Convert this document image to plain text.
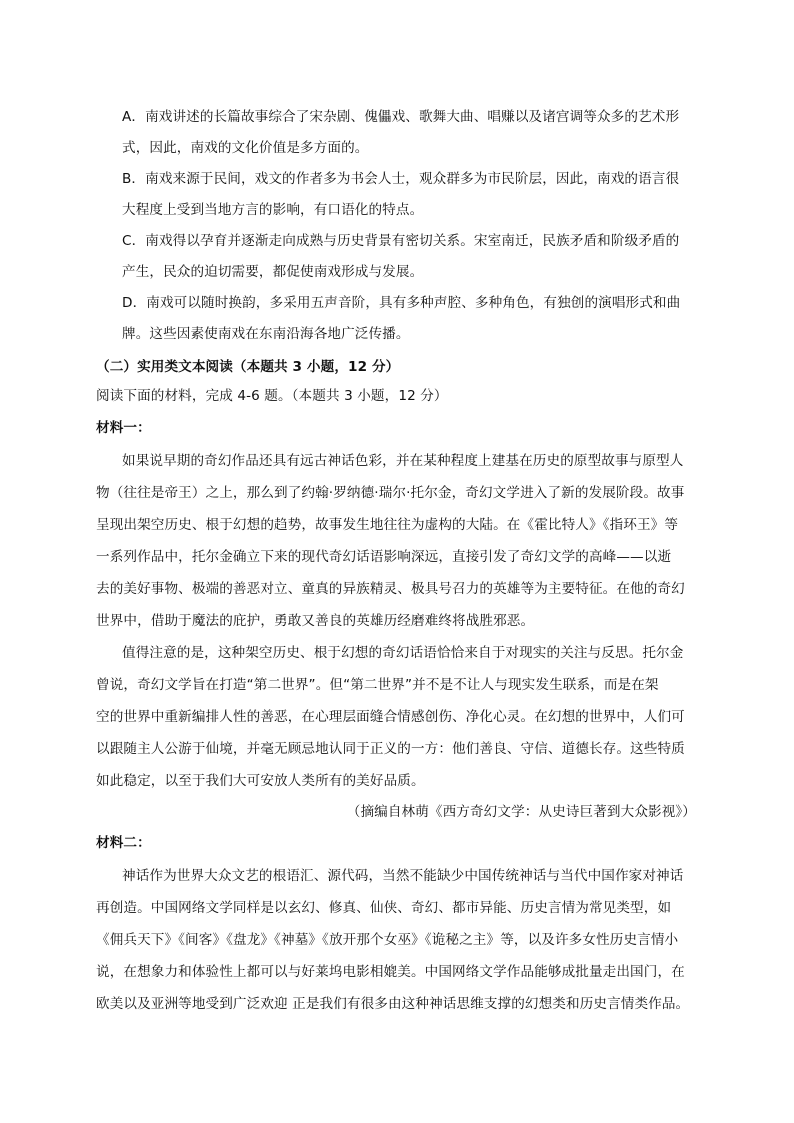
A．南戏讲述的长篇故事综合了宋杂剧、傀儡戏、歌舞大曲、唱赚以及诸宫调等众多的艺术形
式，因此，南戏的文化价值是多方面的。
B．南戏来源于民间，戏文的作者多为书会人士，观众群多为市民阶层，因此，南戏的语言很
大程度上受到当地方言的影响，有口语化的特点。
C．南戏得以孕育并逐渐走向成熟与历史背景有密切关系。宋室南迁，民族矛盾和阶级矛盾的
产生，民众的迫切需要，都促使南戏形成与发展。
D．南戏可以随时换韵，多采用五声音阶，具有多种声腔、多种角色，有独创的演唱形式和曲
牌。这些因素使南戏在东南沿海各地广泛传播。
（二）实用类文本阅读（本题共 3 小题，12 分）
阅读下面的材料，完成 4-6 题。（本题共 3 小题，12 分）
材料一：
如果说早期的奇幻作品还具有远古神话色彩，并在某种程度上建基在历史的原型故事与原型人
物（往往是帝王）之上，那么到了约翰·罗纳德·瑞尔·托尔金，奇幻文学进入了新的发展阶段。故事
呈现出架空历史、根于幻想的趋势，故事发生地往往为虚构的大陆。在《霍比特人》《指环王》等
一系列作品中，托尔金确立下来的现代奇幻话语影响深远，直接引发了奇幻文学的高峰——以逝
去的美好事物、极端的善恶对立、童真的异族精灵、极具号召力的英雄等为主要特征。在他的奇幻
世界中，借助于魔法的庇护，勇敢又善良的英雄历经磨难终将战胜邪恶。
值得注意的是，这种架空历史、根于幻想的奇幻话语恰恰来自于对现实的关注与反思。托尔金
曾说，奇幻文学旨在打造“第二世界”。但“第二世界”并不是不让人与现实发生联系，而是在架
空的世界中重新编排人性的善恶，在心理层面缝合情感创伤、净化心灵。在幻想的世界中，人们可
以跟随主人公游于仙境，并毫无顾忌地认同于正义的一方：他们善良、守信、道德长存。这些特质
如此稳定，以至于我们大可安放人类所有的美好品质。
（摘编自林萌《西方奇幻文学：从史诗巨著到大众影视》）
材料二：
神话作为世界大众文艺的根语汇、源代码，当然不能缺少中国传统神话与当代中国作家对神话
再创造。中国网络文学同样是以玄幻、修真、仙侠、奇幻、都市异能、历史言情为常见类型，如
《佣兵天下》《间客》《盘龙》《神墓》《放开那个女巫》《诡秘之主》等，以及许多女性历史言情小
说，在想象力和体验性上都可以与好莱坞电影相媲美。中国网络文学作品能够成批量走出国门，在
欧美以及亚洲等地受到广泛欢迎 正是我们有很多由这种神话思维支撑的幻想类和历史言情类作品。
